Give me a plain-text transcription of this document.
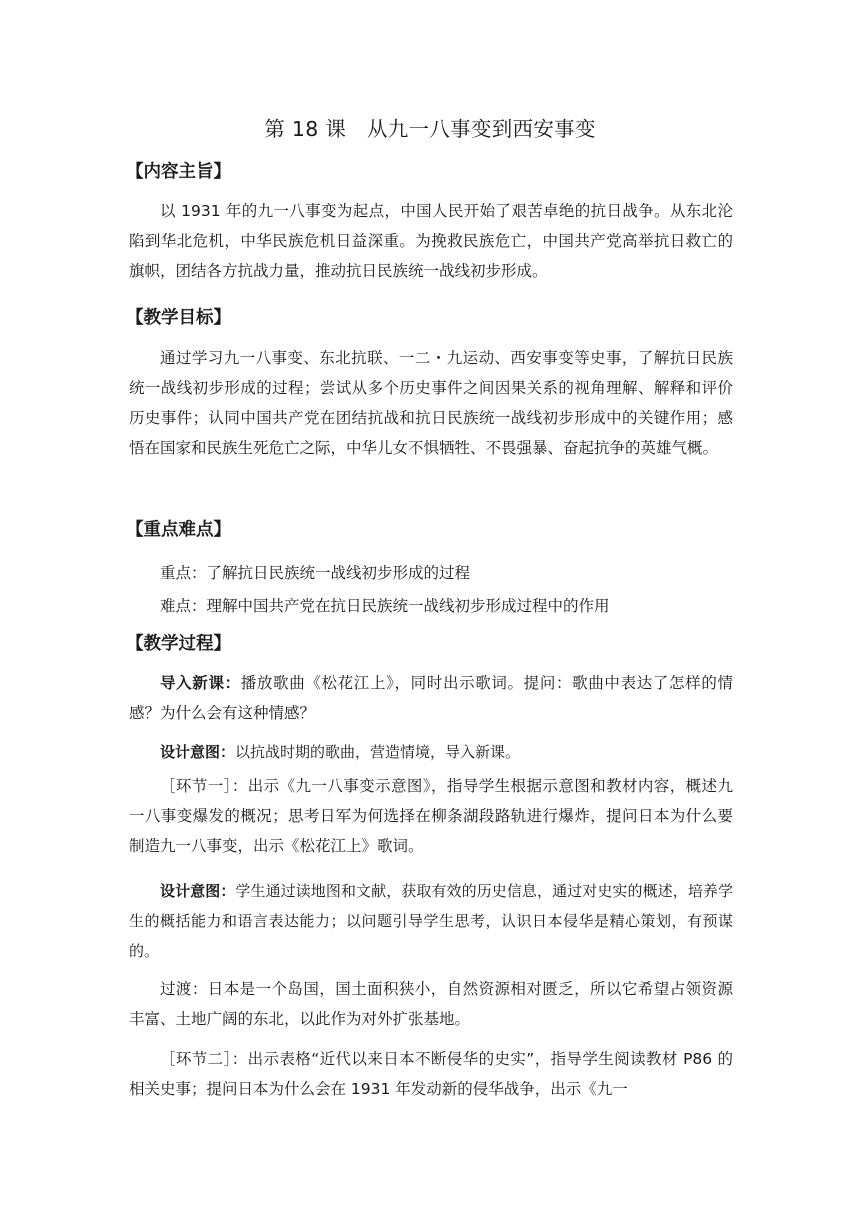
第 18 课　从九一八事变到西安事变
【内容主旨】
以 1931 年的九一八事变为起点，中国人民开始了艰苦卓绝的抗日战争。从东北沦陷到华北危机，中华民族危机日益深重。为挽救民族危亡，中国共产党高举抗日救亡的旗帜，团结各方抗战力量，推动抗日民族统一战线初步形成。
【教学目标】
通过学习九一八事变、东北抗联、一二・九运动、西安事变等史事，了解抗日民族统一战线初步形成的过程；尝试从多个历史事件之间因果关系的视角理解、解释和评价历史事件；认同中国共产党在团结抗战和抗日民族统一战线初步形成中的关键作用；感悟在国家和民族生死危亡之际，中华儿女不惧牺牲、不畏强暴、奋起抗争的英雄气概。
【重点难点】
重点：了解抗日民族统一战线初步形成的过程
难点：理解中国共产党在抗日民族统一战线初步形成过程中的作用
【教学过程】
导入新课：播放歌曲《松花江上》，同时出示歌词。提问：歌曲中表达了怎样的情感？为什么会有这种情感？
设计意图：以抗战时期的歌曲，营造情境，导入新课。
［环节一］：出示《九一八事变示意图》，指导学生根据示意图和教材内容，概述九一八事变爆发的概况；思考日军为何选择在柳条湖段路轨进行爆炸，提问日本为什么要制造九一八事变，出示《松花江上》歌词。
设计意图：学生通过读地图和文献，获取有效的历史信息，通过对史实的概述，培养学生的概括能力和语言表达能力；以问题引导学生思考，认识日本侵华是精心策划，有预谋的。
过渡：日本是一个岛国，国土面积狭小，自然资源相对匮乏，所以它希望占领资源丰富、土地广阔的东北，以此作为对外扩张基地。
［环节二］：出示表格“近代以来日本不断侵华的史实”，指导学生阅读教材 P86 的相关史事；提问日本为什么会在 1931 年发动新的侵华战争，出示《九一
